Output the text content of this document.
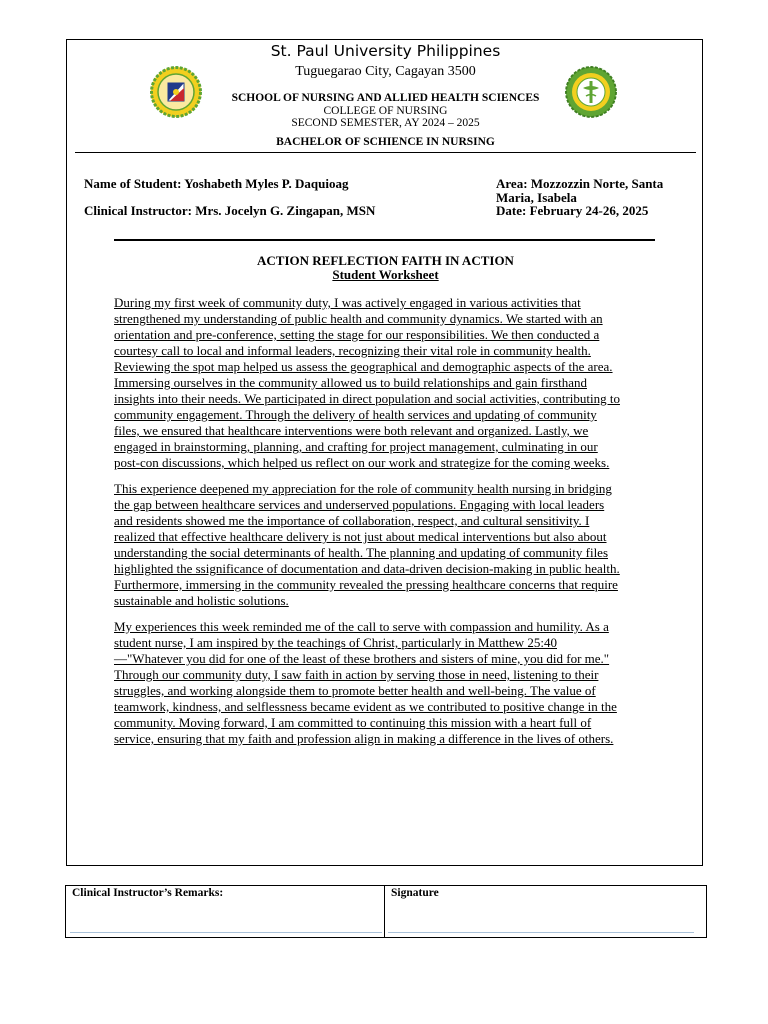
St. Paul University Philippines
Tuguegarao City, Cagayan 3500
SCHOOL OF NURSING AND ALLIED HEALTH SCIENCES
COLLEGE OF NURSING
SECOND SEMESTER, AY 2024 – 2025
BACHELOR OF SCHIENCE IN NURSING
Name of Student: Yoshabeth Myles P. Daquioag
Clinical Instructor: Mrs. Jocelyn G. Zingapan, MSN
Area: Mozzozzin Norte, Santa
Maria, Isabela
Date: February 24-26, 2025
ACTION REFLECTION FAITH IN ACTION
Student Worksheet
During my first week of community duty, I was actively engaged in various activities that
strengthened my understanding of public health and community dynamics. We started with an
orientation and pre-conference, setting the stage for our responsibilities. We then conducted a
courtesy call to local and informal leaders, recognizing their vital role in community health.
Reviewing the spot map helped us assess the geographical and demographic aspects of the area.
Immersing ourselves in the community allowed us to build relationships and gain firsthand
insights into their needs. We participated in direct population and social activities, contributing to
community engagement. Through the delivery of health services and updating of community
files, we ensured that healthcare interventions were both relevant and organized. Lastly, we
engaged in brainstorming, planning, and crafting for project management, culminating in our
post-con discussions, which helped us reflect on our work and strategize for the coming weeks.
This experience deepened my appreciation for the role of community health nursing in bridging
the gap between healthcare services and underserved populations. Engaging with local leaders
and residents showed me the importance of collaboration, respect, and cultural sensitivity. I
realized that effective healthcare delivery is not just about medical interventions but also about
understanding the social determinants of health. The planning and updating of community files
highlighted the ssignificance of documentation and data-driven decision-making in public health.
Furthermore, immersing in the community revealed the pressing healthcare concerns that require
sustainable and holistic solutions.
My experiences this week reminded me of the call to serve with compassion and humility. As a
student nurse, I am inspired by the teachings of Christ, particularly in Matthew 25:40
—"Whatever you did for one of the least of these brothers and sisters of mine, you did for me."
Through our community duty, I saw faith in action by serving those in need, listening to their
struggles, and working alongside them to promote better health and well-being. The value of
teamwork, kindness, and selflessness became evident as we contributed to positive change in the
community. Moving forward, I am committed to continuing this mission with a heart full of
service, ensuring that my faith and profession align in making a difference in the lives of others.
Clinical Instructor’s Remarks:	Signature
